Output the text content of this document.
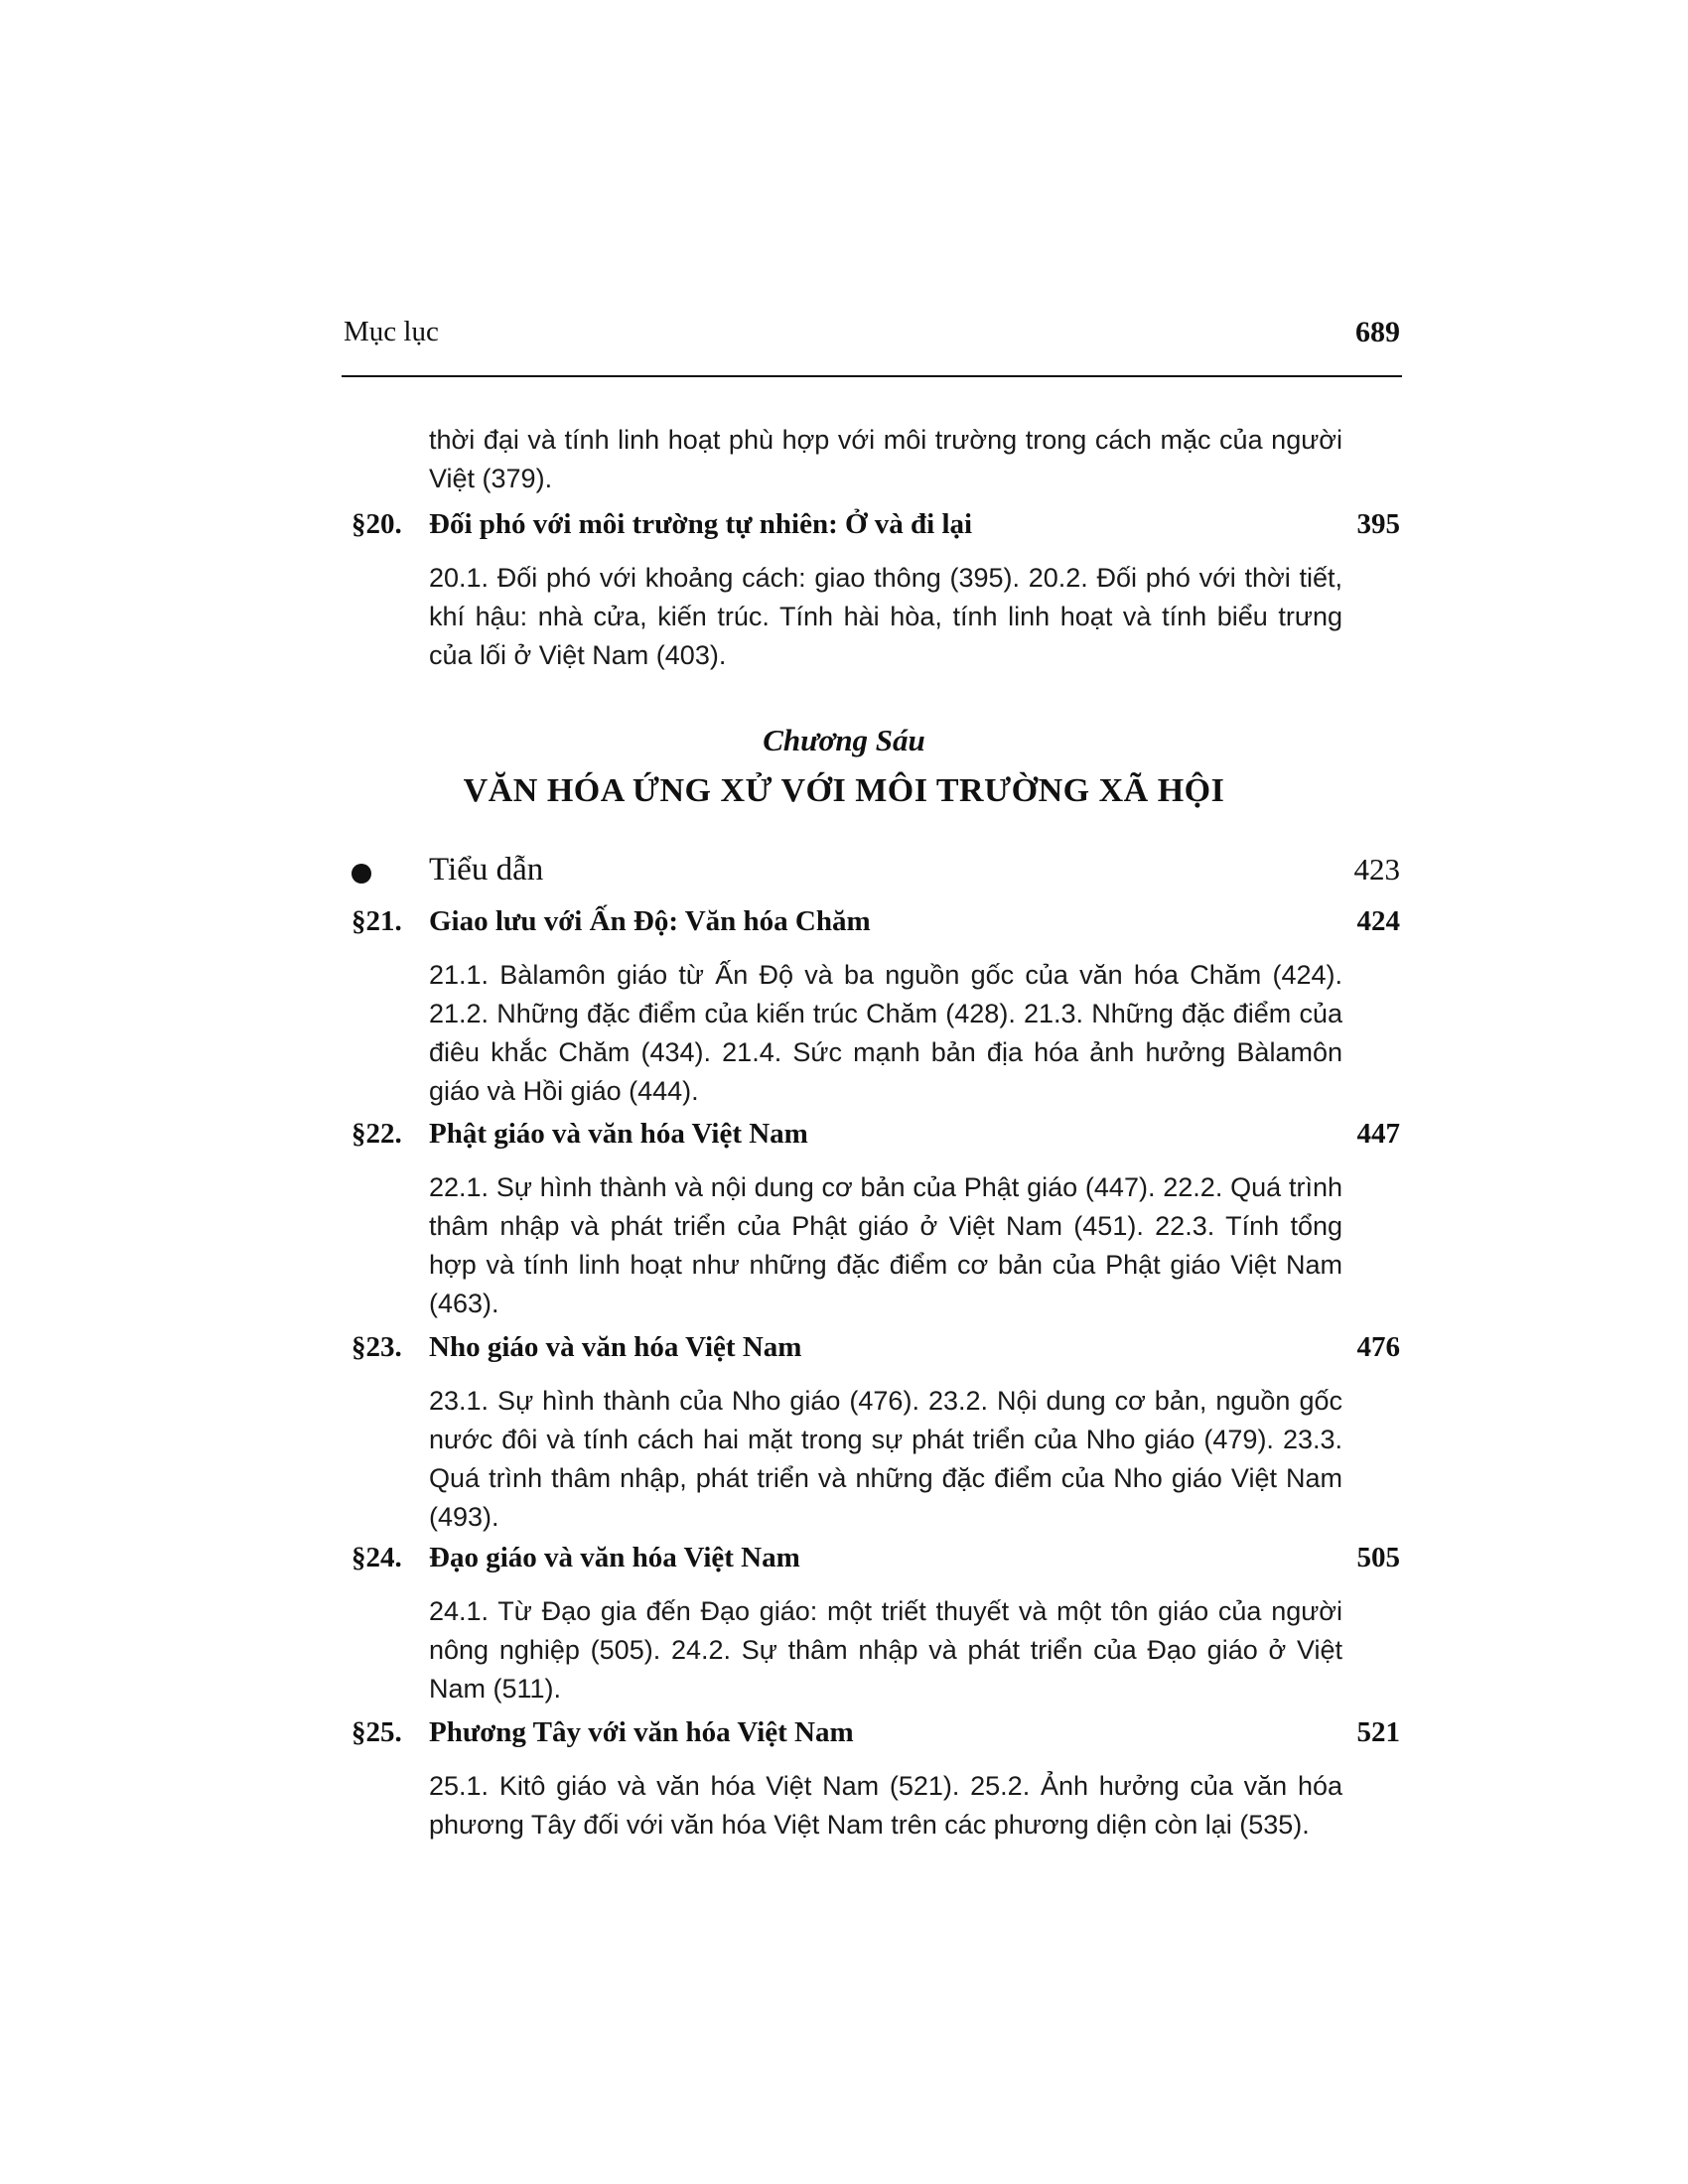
Mục lục	689
thời đại và tính linh hoạt phù hợp với môi trường trong cách mặc của người Việt (379).
§20. Đối phó với môi trường tự nhiên: Ở và đi lại	395
20.1. Đối phó với khoảng cách: giao thông (395). 20.2. Đối phó với thời tiết, khí hậu: nhà cửa, kiến trúc. Tính hài hòa, tính linh hoạt và tính biểu trưng của lối ở Việt Nam (403).
Chương Sáu
VĂN HÓA ỨNG XỬ VỚI MÔI TRƯỜNG XÃ HỘI
Tiểu dẫn	423
§21. Giao lưu với Ấn Độ: Văn hóa Chăm	424
21.1. Bàlamôn giáo từ Ấn Độ và ba nguồn gốc của văn hóa Chăm (424). 21.2. Những đặc điểm của kiến trúc Chăm (428). 21.3. Những đặc điểm của điêu khắc Chăm (434). 21.4. Sức mạnh bản địa hóa ảnh hưởng Bàlamôn giáo và Hồi giáo (444).
§22. Phật giáo và văn hóa Việt Nam	447
22.1. Sự hình thành và nội dung cơ bản của Phật giáo (447). 22.2. Quá trình thâm nhập và phát triển của Phật giáo ở Việt Nam (451). 22.3. Tính tổng hợp và tính linh hoạt như những đặc điểm cơ bản của Phật giáo Việt Nam (463).
§23. Nho giáo và văn hóa Việt Nam	476
23.1. Sự hình thành của Nho giáo (476). 23.2. Nội dung cơ bản, nguồn gốc nước đôi và tính cách hai mặt trong sự phát triển của Nho giáo (479). 23.3. Quá trình thâm nhập, phát triển và những đặc điểm của Nho giáo Việt Nam (493).
§24. Đạo giáo và văn hóa Việt Nam	505
24.1. Từ Đạo gia đến Đạo giáo: một triết thuyết và một tôn giáo của người nông nghiệp (505). 24.2. Sự thâm nhập và phát triển của Đạo giáo ở Việt Nam (511).
§25. Phương Tây với văn hóa Việt Nam	521
25.1. Kitô giáo và văn hóa Việt Nam (521). 25.2. Ảnh hưởng của văn hóa phương Tây đối với văn hóa Việt Nam trên các phương diện còn lại (535).
